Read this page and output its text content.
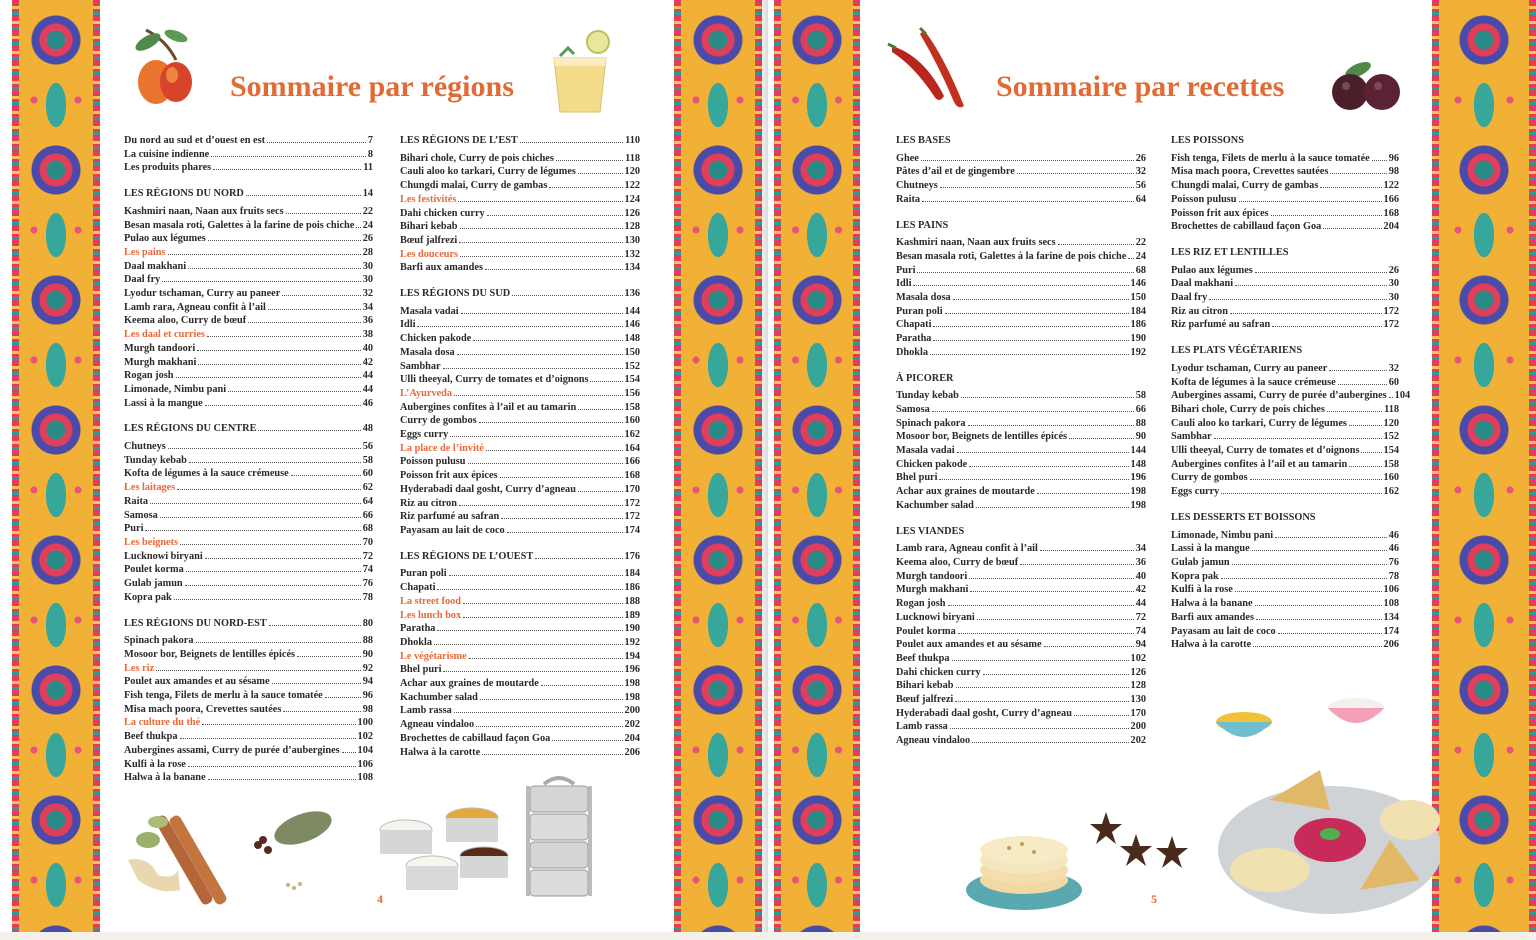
Sommaire par régions
Du nord au sud et d’ouest en est	7
La cuisine indienne	8
Les produits phares	11
LES RÉGIONS DU NORD	14
Kashmiri naan, Naan aux fruits secs	22
Besan masala roti, Galettes à la farine de pois chiche 24
Pulao aux légumes	26
Les pains	28
Daal makhani	30
Daal fry	30
Lyodur tschaman, Curry au paneer	32
Lamb rara, Agneau confit à l’ail	34
Keema aloo, Curry de bœuf	36
Les daal et curries	38
Murgh tandoori	40
Murgh makhani	42
Rogan josh	44
Limonade, Nimbu pani	44
Lassi à la mangue	46
LES RÉGIONS DU CENTRE	48
Chutneys	56
Tunday kebab	58
Kofta de légumes à la sauce crémeuse	60
Les laitages	62
Raita	64
Samosa	66
Puri	68
Les beignets	70
Lucknowi biryani	72
Poulet korma	74
Gulab jamun	76
Kopra pak	78
LES RÉGIONS DU NORD-EST	80
Spinach pakora	88
Mosoor bor, Beignets de lentilles épicés	90
Les riz	92
Poulet aux amandes et au sésame	94
Fish tenga, Filets de merlu à la sauce tomatée	96
Misa mach poora, Crevettes sautées	98
La culture du thé	100
Beef thukpa	102
Aubergines assami, Curry de purée d’aubergines 104
Kulfi à la rose	106
Halwa à la banane	108
LES RÉGIONS DE L’EST	110
Bihari chole, Curry de pois chiches	118
Cauli aloo ko tarkari, Curry de légumes	120
Chungdi malai, Curry de gambas	122
Les festivités	124
Dahi chicken curry	126
Bihari kebab	128
Bœuf jalfrezi	130
Les douceurs	132
Barfi aux amandes	134
LES RÉGIONS DU SUD	136
Masala vadai	144
Idli	146
Chicken pakode	148
Masala dosa	150
Sambhar	152
Ulli theeyal, Curry de tomates et d’oignons	154
L’Ayurveda	156
Aubergines confites à l’ail et au tamarin	158
Curry de gombos	160
Eggs curry	162
La place de l’invité	164
Poisson pulusu	166
Poisson frit aux épices	168
Hyderabadi daal gosht, Curry d’agneau	170
Riz au citron	172
Riz parfumé au safran	172
Payasam au lait de coco	174
LES RÉGIONS DE L’OUEST	176
Puran poli	184
Chapati	186
La street food	188
Les lunch box	189
Paratha	190
Dhokla	192
Le végétarisme	194
Bhel puri	196
Achar aux graines de moutarde	198
Kachumber salad	198
Lamb rassa	200
Agneau vindaloo	202
Brochettes de cabillaud façon Goa	204
Halwa à la carotte	206
4
Sommaire par recettes
LES BASES
Ghee	26
Pâtes d’ail et de gingembre	32
Chutneys	56
Raita	64
LES PAINS
Kashmiri naan, Naan aux fruits secs	22
Besan masala roti, Galettes à la farine de pois chiche 24
Puri	68
Idli	146
Masala dosa	150
Puran poli	184
Chapati	186
Paratha	190
Dhokla	192
À PICORER
Tunday kebab	58
Samosa	66
Spinach pakora	88
Mosoor bor, Beignets de lentilles épicés	90
Masala vadai	144
Chicken pakode	148
Bhel puri	196
Achar aux graines de moutarde	198
Kachumber salad	198
LES VIANDES
Lamb rara, Agneau confit à l’ail	34
Keema aloo, Curry de bœuf	36
Murgh tandoori	40
Murgh makhani	42
Rogan josh	44
Lucknowi biryani	72
Poulet korma	74
Poulet aux amandes et au sésame	94
Beef thukpa	102
Dahi chicken curry	126
Bihari kebab	128
Bœuf jalfrezi	130
Hyderabadi daal gosht, Curry d’agneau	170
Lamb rassa	200
Agneau vindaloo	202
LES POISSONS
Fish tenga, Filets de merlu à la sauce tomatée 96
Misa mach poora, Crevettes sautées	98
Chungdi malai, Curry de gambas	122
Poisson pulusu	166
Poisson frit aux épices	168
Brochettes de cabillaud façon Goa	204
LES RIZ ET LENTILLES
Pulao aux légumes	26
Daal makhani	30
Daal fry	30
Riz au citron	172
Riz parfumé au safran	172
LES PLATS VÉGÉTARIENS
Lyodur tschaman, Curry au paneer	32
Kofta de légumes à la sauce crémeuse	60
Aubergines assami, Curry de purée d’aubergines 104
Bihari chole, Curry de pois chiches	118
Cauli aloo ko tarkari, Curry de légumes	120
Sambhar	152
Ulli theeyal, Curry de tomates et d’oignons 154
Aubergines confites à l’ail et au tamarin	158
Curry de gombos	160
Eggs curry	162
LES DESSERTS ET BOISSONS
Limonade, Nimbu pani	46
Lassi à la mangue	46
Gulab jamun	76
Kopra pak	78
Kulfi à la rose	106
Halwa à la banane	108
Barfi aux amandes	134
Payasam au lait de coco	174
Halwa à la carotte	206
5
